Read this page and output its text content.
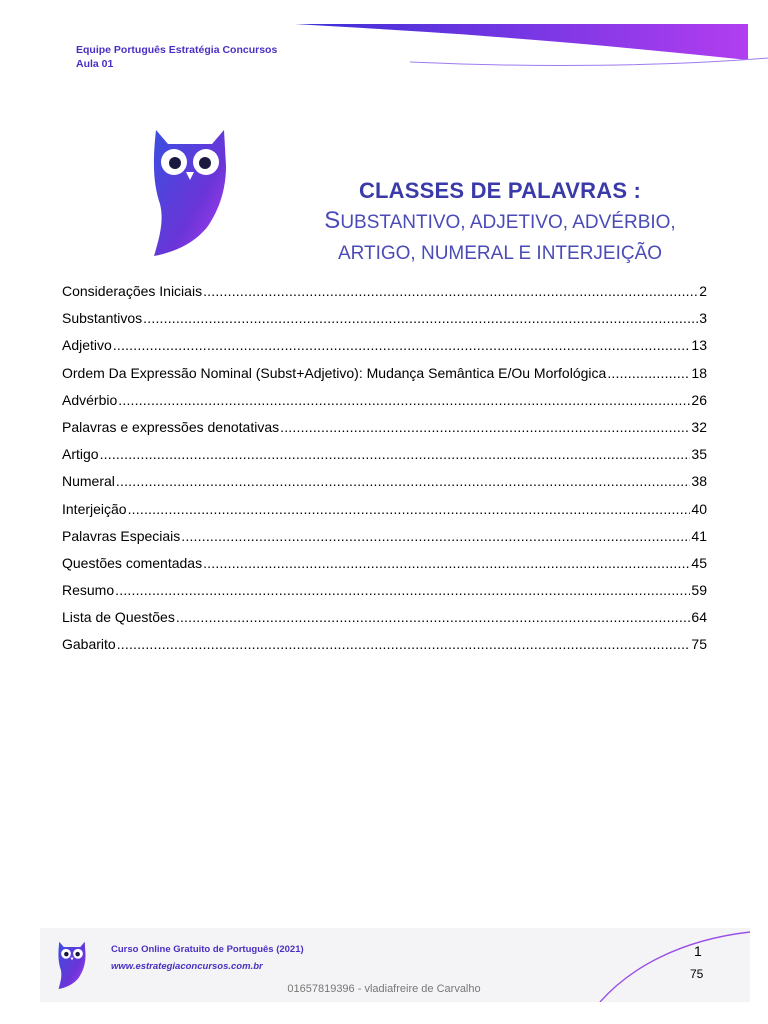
Equipe Português Estratégia Concursos
Aula 01
CLASSES DE PALAVRAS :
SUBSTANTIVO, ADJETIVO, ADVÉRBIO,
ARTIGO, NUMERAL E INTERJEIÇÃO
Considerações Iniciais .....	2
Substantivos .....	3
Adjetivo .....	13
Ordem Da Expressão Nominal (Subst+Adjetivo): Mudança Semântica E/Ou Morfológica .....	18
Advérbio .....	26
Palavras e expressões denotativas .....	32
Artigo .....	35
Numeral .....	38
Interjeição .....	40
Palavras Especiais .....	41
Questões comentadas .....	45
Resumo .....	59
Lista de Questões .....	64
Gabarito .....	75
Curso Online Gratuito de Português (2021)
www.estrategiaconcursos.com.br
1
75
01657819396 - vladiafreire de Carvalho
